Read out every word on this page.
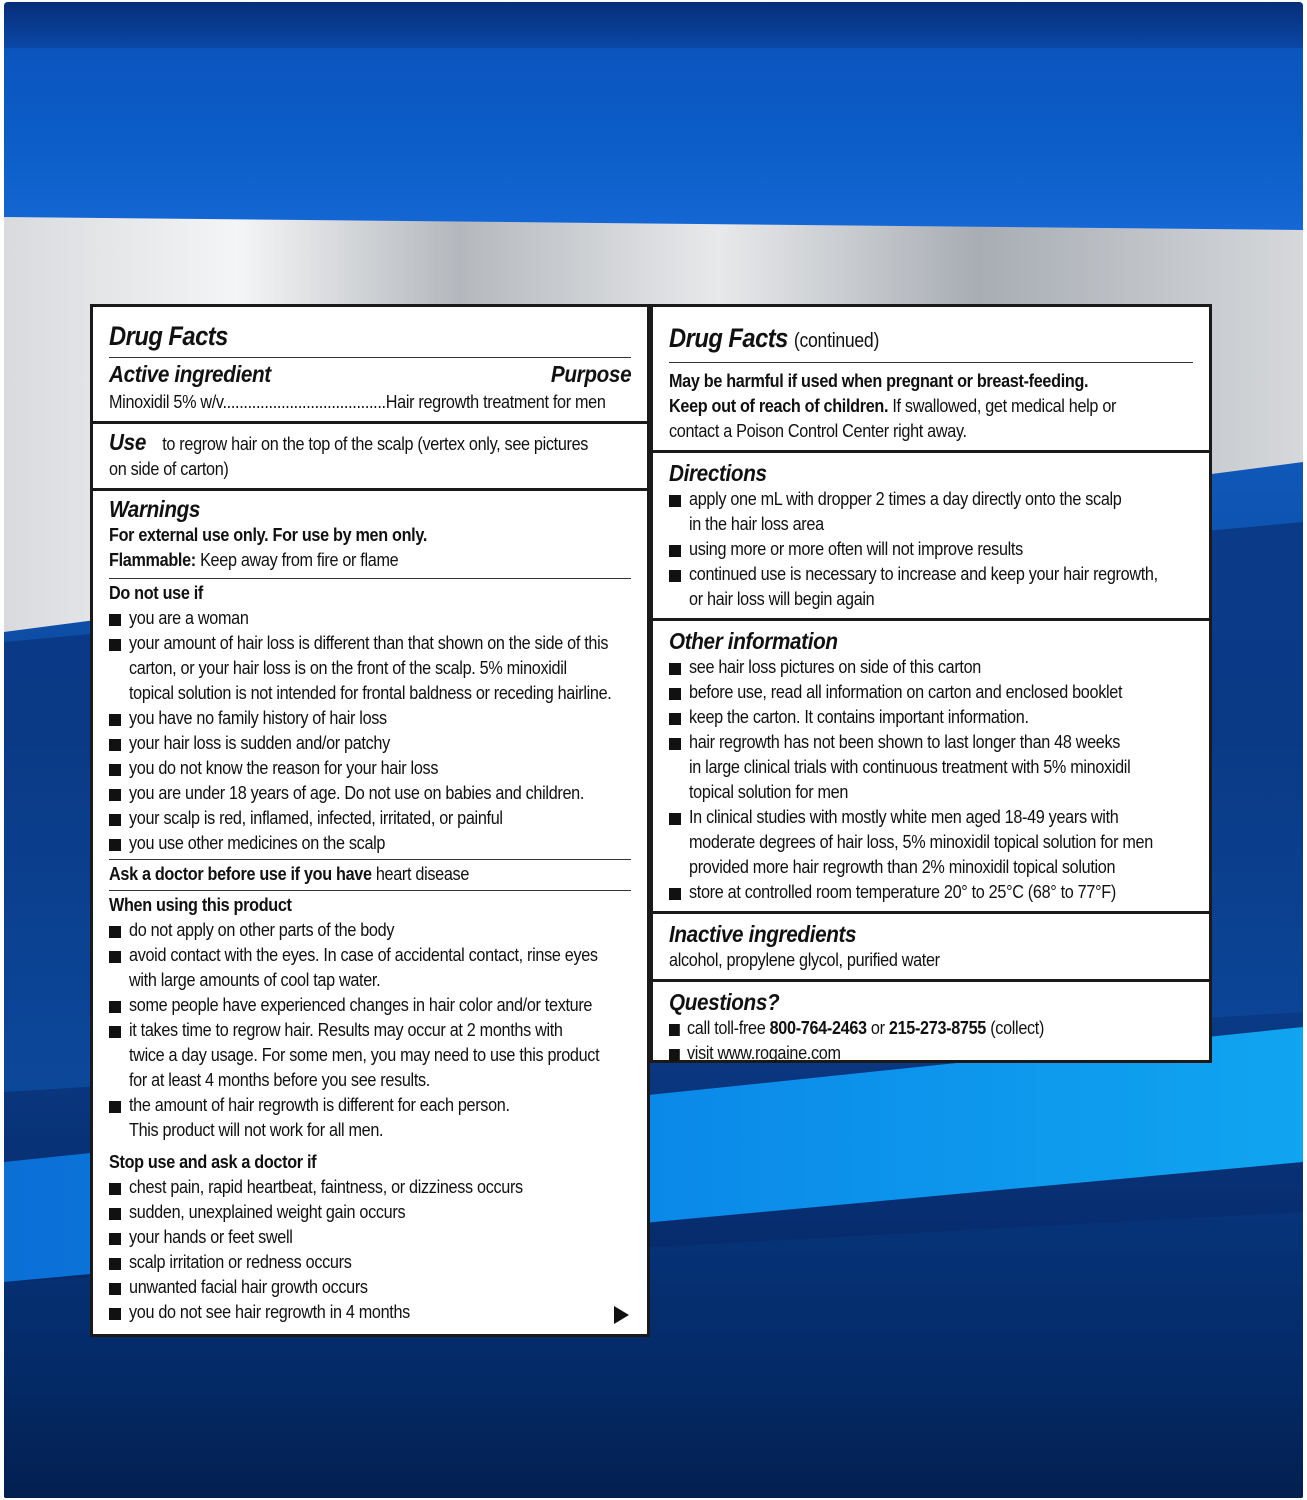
Drug Facts
Active ingredient	Purpose
Minoxidil 5% w/v.......................................Hair regrowth treatment for men
Use to regrow hair on the top of the scalp (vertex only, see pictures
on side of carton)
Warnings
For external use only. For use by men only.
Flammable: Keep away from fire or flame
Do not use if
you are a woman
your amount of hair loss is different than that shown on the side of this
carton, or your hair loss is on the front of the scalp. 5% minoxidil
topical solution is not intended for frontal baldness or receding hairline.
you have no family history of hair loss
your hair loss is sudden and/or patchy
you do not know the reason for your hair loss
you are under 18 years of age. Do not use on babies and children.
your scalp is red, inflamed, infected, irritated, or painful
you use other medicines on the scalp
Ask a doctor before use if you have heart disease
When using this product
do not apply on other parts of the body
avoid contact with the eyes. In case of accidental contact, rinse eyes
with large amounts of cool tap water.
some people have experienced changes in hair color and/or texture
it takes time to regrow hair. Results may occur at 2 months with
twice a day usage. For some men, you may need to use this product
for at least 4 months before you see results.
the amount of hair regrowth is different for each person.
This product will not work for all men.
Stop use and ask a doctor if
chest pain, rapid heartbeat, faintness, or dizziness occurs
sudden, unexplained weight gain occurs
your hands or feet swell
scalp irritation or redness occurs
unwanted facial hair growth occurs
you do not see hair regrowth in 4 months
Drug Facts (continued)
May be harmful if used when pregnant or breast-feeding.
Keep out of reach of children. If swallowed, get medical help or
contact a Poison Control Center right away.
Directions
apply one mL with dropper 2 times a day directly onto the scalp
in the hair loss area
using more or more often will not improve results
continued use is necessary to increase and keep your hair regrowth,
or hair loss will begin again
Other information
see hair loss pictures on side of this carton
before use, read all information on carton and enclosed booklet
keep the carton. It contains important information.
hair regrowth has not been shown to last longer than 48 weeks
in large clinical trials with continuous treatment with 5% minoxidil
topical solution for men
In clinical studies with mostly white men aged 18-49 years with
moderate degrees of hair loss, 5% minoxidil topical solution for men
provided more hair regrowth than 2% minoxidil topical solution
store at controlled room temperature 20° to 25°C (68° to 77°F)
Inactive ingredients
alcohol, propylene glycol, purified water
Questions?
call toll-free 800-764-2463 or 215-273-8755 (collect)
visit www.rogaine.com
